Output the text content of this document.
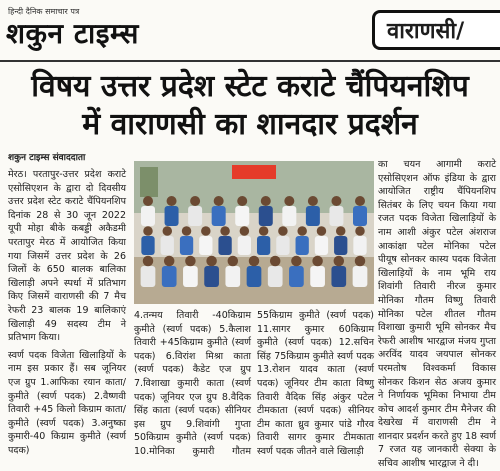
हिन्दी दैनिक समाचार पत्र
शकुन टाइम्स	वाराणसी/
विषय उत्तर प्रदेश स्टेट कराटे चैंपियनशिप
में वाराणसी का शानदार प्रदर्शन
शकुन टाइम्स संवाददाता

मेरठ। परतापुर-उत्तर प्रदेश कराटे एसोसिएशन के द्वारा दो दिवसीय उत्तर प्रदेश स्टेट कराटे चैंपियनशिप दिनांक 28 से 30 जून 2022 यूपी मोहा बीके कबड्डी अकैडमी परतापुर मेरठ में आयोजित किया गया जिसमें उत्तर प्रदेश के 26 जिलों के 650 बालक बालिका खिलाड़ी अपने स्पर्धा में प्रतिभाग किए जिसमें वाराणसी की 7 मैच रेफरी 23 बालक 19 बालिकाएं खिलाड़ी 49 सदस्य टीम ने प्रतिभाग किया।

स्वर्ण पदक विजेता खिलाड़ियों के नाम इस प्रकार हैं। सब जूनियर एज ग्रुप 1.आफिका रयान काता/कुमीते (स्वर्ण पदक) 2.वैष्णवी तिवारी +45 किलो किग्राम काता/कुमीते (स्वर्ण पदक) 3.अनुष्का कुमारी-40 किग्राम कुमीते (स्वर्ण पदक)

4.तन्मय तिवारी -40किग्राम कुमीते (स्वर्ण पदक) 5.कैलाश तिवारी +45किग्राम कुमीते (स्वर्ण पदक) 6.विरांश मिश्रा काता (स्वर्ण पदक) कैडेट एज ग्रुप 7.विशाखा कुमारी काता (स्वर्ण पदक) जूनियर एज ग्रुप 8.वैदिक सिंह काता (स्वर्ण पदक) सीनियर इस ग्रुप 9.शिवांगी गुप्ता 50किग्राम कुमीते (स्वर्ण पदक) 10.मोनिका कुमारी गौतम 55किग्राम कुमीते (स्वर्ण पदक) 11.सागर कुमार 60किग्राम कुमीते (स्वर्ण पदक) 12.सचिन सिंह 75किग्राम कुमीते स्वर्ण पदक 13.रोशन यादव काता (स्वर्ण पदक) जूनियर टीम काता विष्णु तिवारी वैदिक सिंह अंकुर पटेल टीमकाता (स्वर्ण पदक) सीनियर टीम काता ध्रुव कुमार पांडे गौरव तिवारी सागर कुमार टीमकाता स्वर्ण पदक जीतने वाले खिलाड़ी

का चयन आगामी कराटे एसोसिएशन ऑफ इंडिया के द्वारा आयोजित राष्ट्रीय चैंपियनशिप सितंबर के लिए चयन किया गया रजत पदक विजेता खिलाड़ियों के नाम आशी अंकुर पटेल अंशराज आकांक्षा पटेल मोनिका पटेल पीयूष सोनकर कास्य पदक विजेता खिलाड़ियों के नाम भूमि राय शिवांगी तिवारी नीरज कुमार मोनिका गौतम विष्णु तिवारी मोनिका पटेल शीतल गौतम विशाखा कुमारी भूमि सोनकर मैच रेफरी आशीष भारद्वाज मंजय गुप्ता अरविंद यादव जयपाल सोनकर परमतोष विश्वकर्मा विकास सोनकर किशन सेठ अजय कुमार ने निर्णायक भूमिका निभाया टीम कोच आदर्श कुमार टीम मैनेजर की देखरेख में वाराणसी टीम ने शानदार प्रदर्शन करते हुए 18 स्वर्ण 7 रजत यह जानकारी सेक्या के सचिव आशीष भारद्वाज ने दी।
